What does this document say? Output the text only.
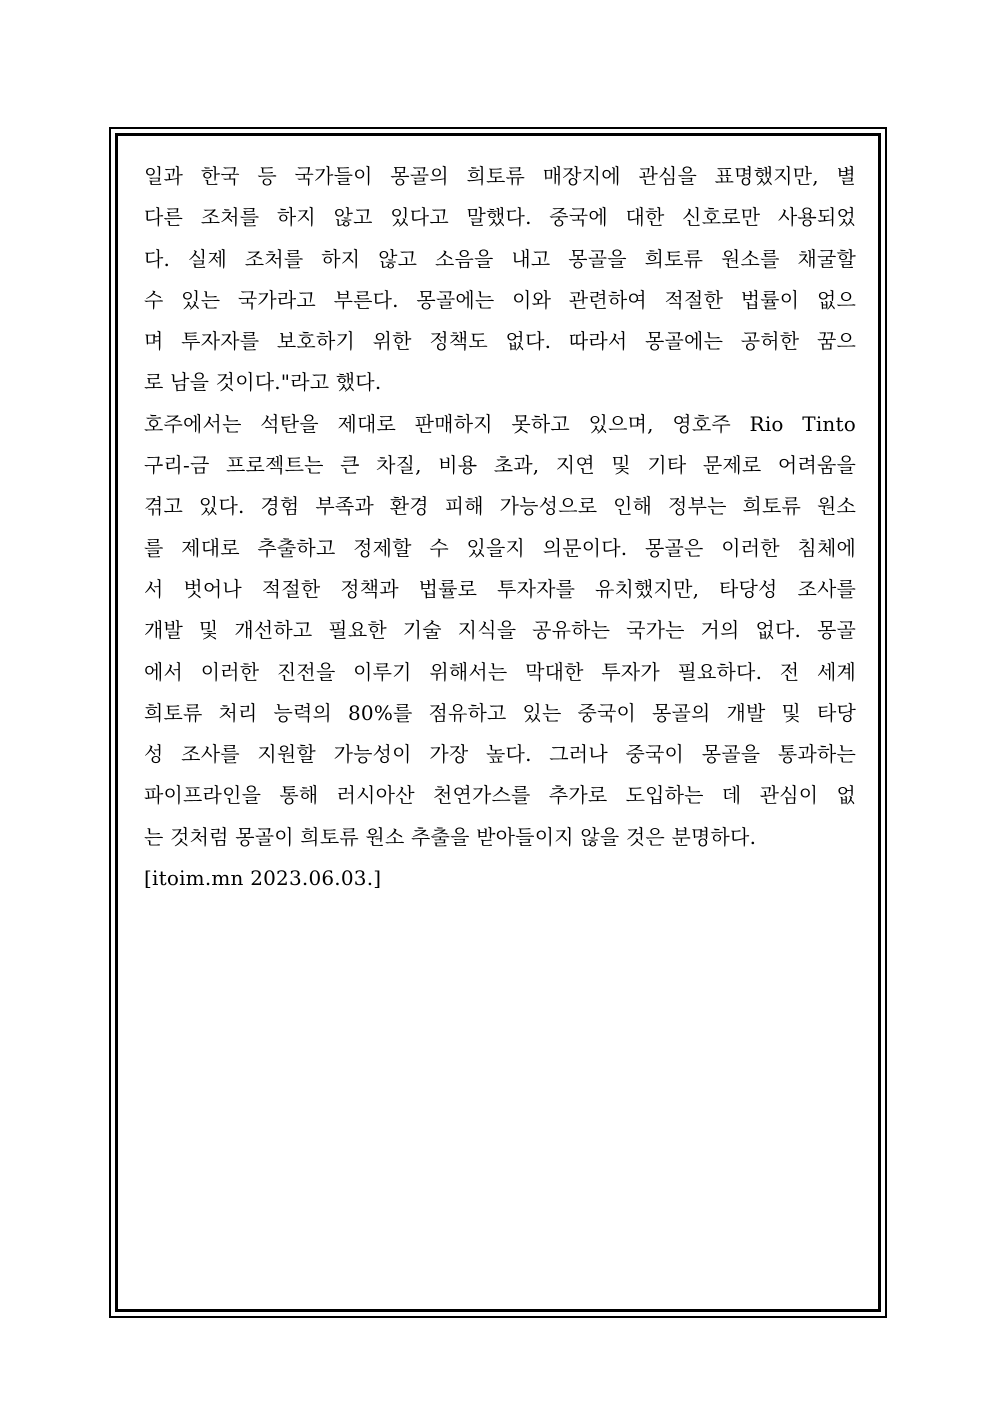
일과 한국 등 국가들이 몽골의 희토류 매장지에 관심을 표명했지만, 별
다른 조처를 하지 않고 있다고 말했다. 중국에 대한 신호로만 사용되었
다. 실제 조처를 하지 않고 소음을 내고 몽골을 희토류 원소를 채굴할
수 있는 국가라고 부른다. 몽골에는 이와 관련하여 적절한 법률이 없으
며 투자자를 보호하기 위한 정책도 없다. 따라서 몽골에는 공허한 꿈으
로 남을 것이다."라고 했다.
호주에서는 석탄을 제대로 판매하지 못하고 있으며, 영호주 Rio Tinto
구리-금 프로젝트는 큰 차질, 비용 초과, 지연 및 기타 문제로 어려움을
겪고 있다. 경험 부족과 환경 피해 가능성으로 인해 정부는 희토류 원소
를 제대로 추출하고 정제할 수 있을지 의문이다. 몽골은 이러한 침체에
서 벗어나 적절한 정책과 법률로 투자자를 유치했지만, 타당성 조사를
개발 및 개선하고 필요한 기술 지식을 공유하는 국가는 거의 없다. 몽골
에서 이러한 진전을 이루기 위해서는 막대한 투자가 필요하다. 전 세계
희토류 처리 능력의 80%를 점유하고 있는 중국이 몽골의 개발 및 타당
성 조사를 지원할 가능성이 가장 높다. 그러나 중국이 몽골을 통과하는
파이프라인을 통해 러시아산 천연가스를 추가로 도입하는 데 관심이 없
는 것처럼 몽골이 희토류 원소 추출을 받아들이지 않을 것은 분명하다.
[itoim.mn 2023.06.03.]
